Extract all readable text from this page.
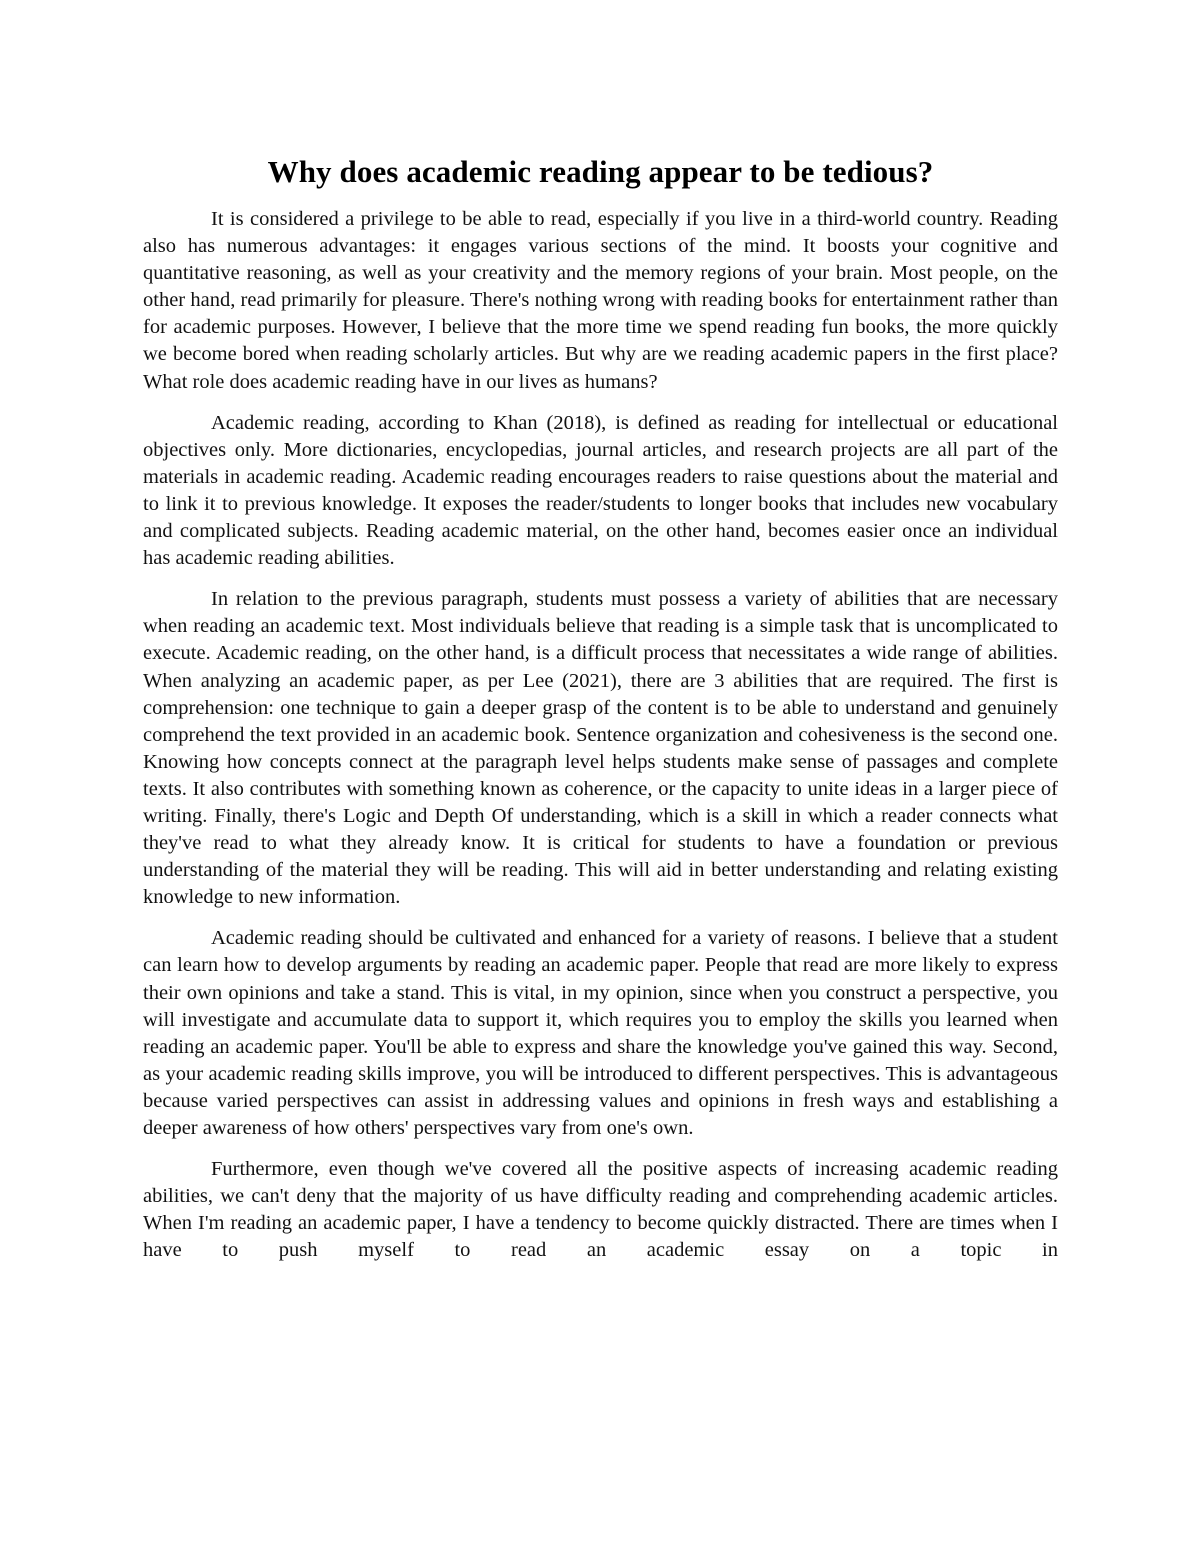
Why does academic reading appear to be tedious?

It is considered a privilege to be able to read, especially if you live in a third-world country. Reading also has numerous advantages: it engages various sections of the mind. It boosts your cognitive and quantitative reasoning, as well as your creativity and the memory regions of your brain. Most people, on the other hand, read primarily for pleasure. There's nothing wrong with reading books for entertainment rather than for academic purposes. However, I believe that the more time we spend reading fun books, the more quickly we become bored when reading scholarly articles. But why are we reading academic papers in the first place? What role does academic reading have in our lives as humans?

Academic reading, according to Khan (2018), is defined as reading for intellectual or educational objectives only. More dictionaries, encyclopedias, journal articles, and research projects are all part of the materials in academic reading. Academic reading encourages readers to raise questions about the material and to link it to previous knowledge. It exposes the reader/students to longer books that includes new vocabulary and complicated subjects. Reading academic material, on the other hand, becomes easier once an individual has academic reading abilities.

In relation to the previous paragraph, students must possess a variety of abilities that are necessary when reading an academic text. Most individuals believe that reading is a simple task that is uncomplicated to execute. Academic reading, on the other hand, is a difficult process that necessitates a wide range of abilities. When analyzing an academic paper, as per Lee (2021), there are 3 abilities that are required. The first is comprehension: one technique to gain a deeper grasp of the content is to be able to understand and genuinely comprehend the text provided in an academic book. Sentence organization and cohesiveness is the second one. Knowing how concepts connect at the paragraph level helps students make sense of passages and complete texts. It also contributes with something known as coherence, or the capacity to unite ideas in a larger piece of writing. Finally, there's Logic and Depth Of understanding, which is a skill in which a reader connects what they've read to what they already know. It is critical for students to have a foundation or previous understanding of the material they will be reading. This will aid in better understanding and relating existing knowledge to new information.

Academic reading should be cultivated and enhanced for a variety of reasons. I believe that a student can learn how to develop arguments by reading an academic paper. People that read are more likely to express their own opinions and take a stand. This is vital, in my opinion, since when you construct a perspective, you will investigate and accumulate data to support it, which requires you to employ the skills you learned when reading an academic paper. You'll be able to express and share the knowledge you've gained this way. Second, as your academic reading skills improve, you will be introduced to different perspectives. This is advantageous because varied perspectives can assist in addressing values and opinions in fresh ways and establishing a deeper awareness of how others' perspectives vary from one's own.

Furthermore, even though we've covered all the positive aspects of increasing academic reading abilities, we can't deny that the majority of us have difficulty reading and comprehending academic articles. When I'm reading an academic paper, I have a tendency to become quickly distracted. There are times when I have to push myself to read an academic essay on a topic in
